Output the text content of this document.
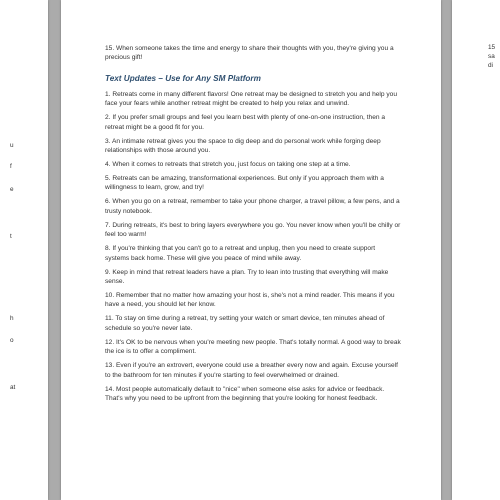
u
f
e
t
h
o
at

15. When someone takes the time and energy to share their thoughts with you, they're giving you a precious gift!

Text Updates – Use for Any SM Platform

1. Retreats come in many different flavors! One retreat may be designed to stretch you and help you face your fears while another retreat might be created to help you relax and unwind.

2. If you prefer small groups and feel you learn best with plenty of one-on-one instruction, then a retreat might be a good fit for you.

3. An intimate retreat gives you the space to dig deep and do personal work while forging deep relationships with those around you.

4. When it comes to retreats that stretch you, just focus on taking one step at a time.

5. Retreats can be amazing, transformational experiences. But only if you approach them with a willingness to learn, grow, and try!

6. When you go on a retreat, remember to take your phone charger, a travel pillow, a few pens, and a trusty notebook.

7. During retreats, it's best to bring layers everywhere you go. You never know when you'll be chilly or feel too warm!

8. If you're thinking that you can't go to a retreat and unplug, then you need to create support systems back home. These will give you peace of mind while away.

9. Keep in mind that retreat leaders have a plan. Try to lean into trusting that everything will make sense.

10. Remember that no matter how amazing your host is, she's not a mind reader. This means if you have a need, you should let her know.

11. To stay on time during a retreat, try setting your watch or smart device, ten minutes ahead of schedule so you're never late.

12. It's OK to be nervous when you're meeting new people. That's totally normal. A good way to break the ice is to offer a compliment.

13. Even if you're an extrovert, everyone could use a breather every now and again. Excuse yourself to the bathroom for ten minutes if you're starting to feel overwhelmed or drained.

14. Most people automatically default to "nice" when someone else asks for advice or feedback. That's why you need to be upfront from the beginning that you're looking for honest feedback.

15
sa
di
